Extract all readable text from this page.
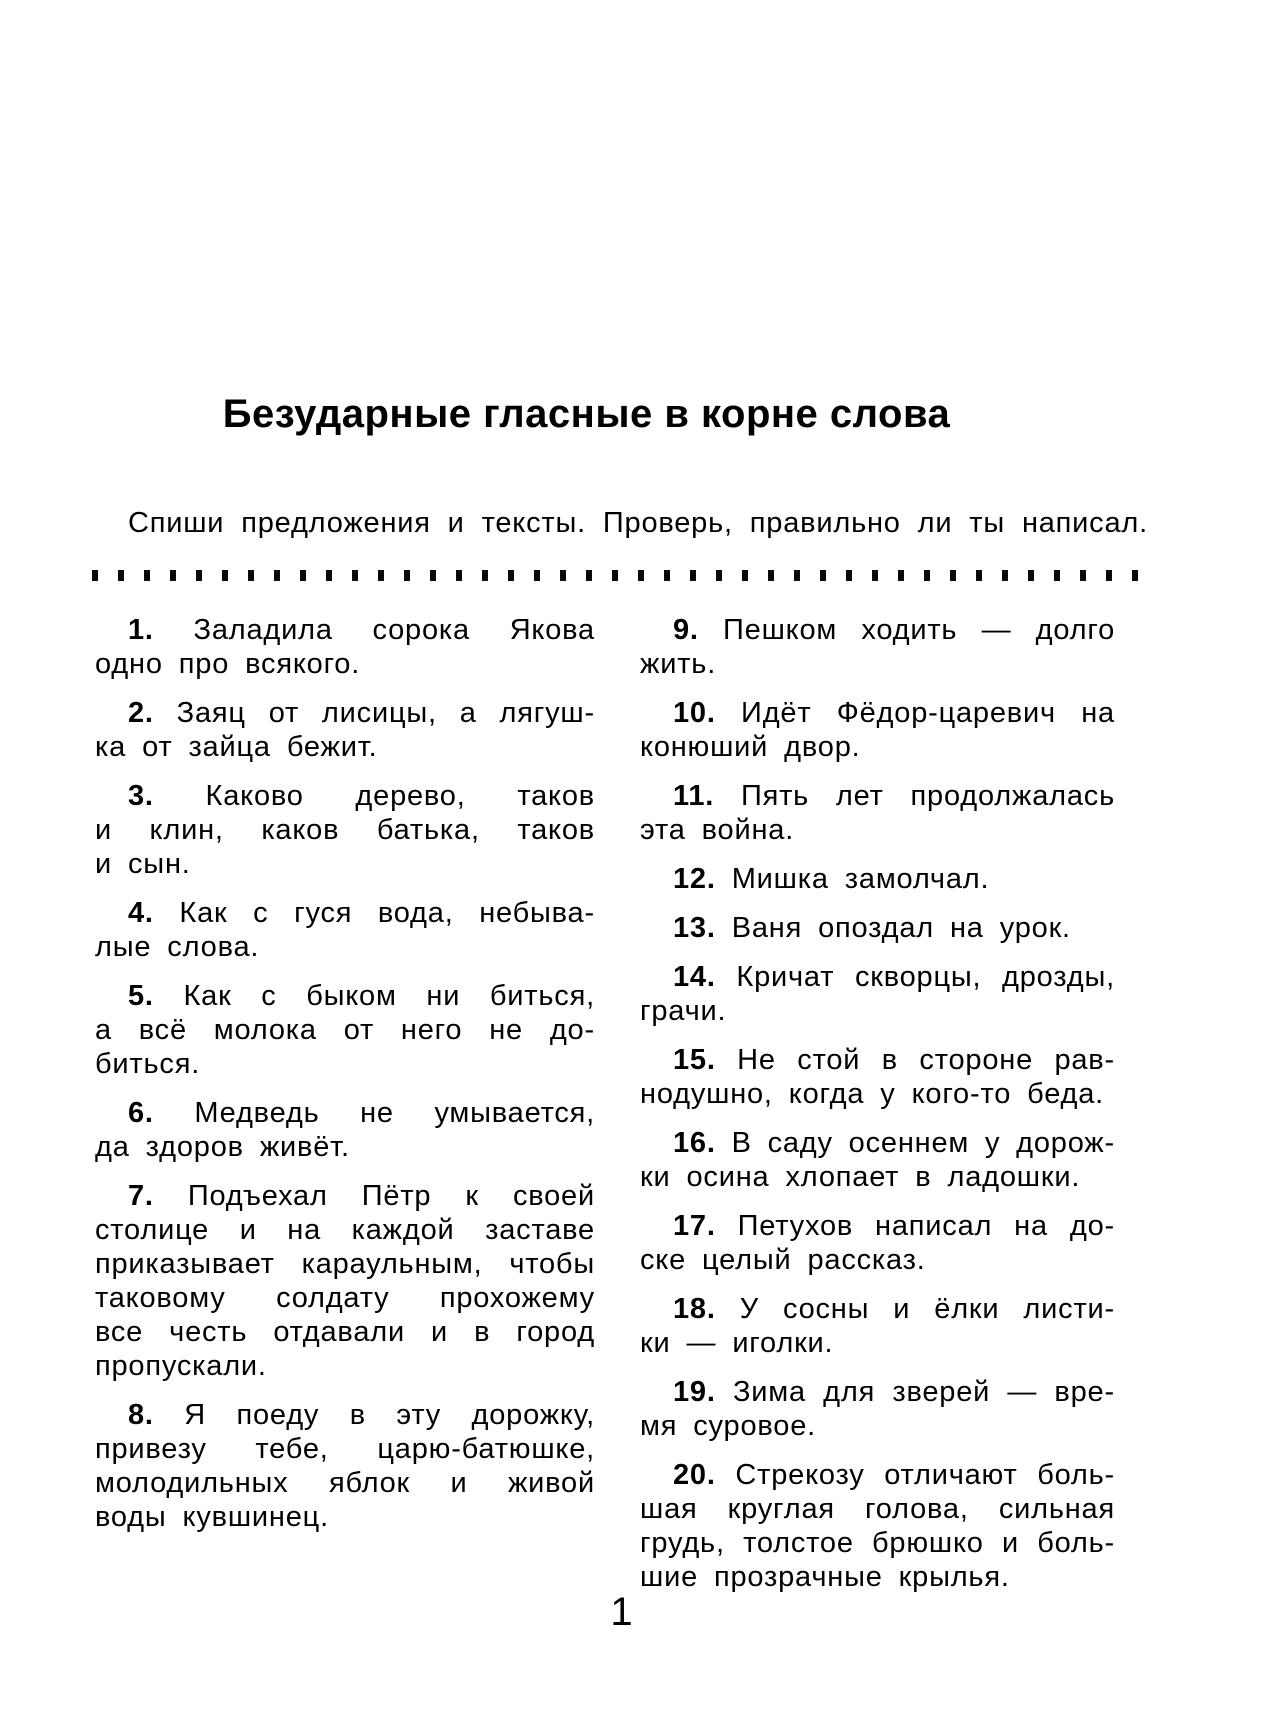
Безударные гласные в корне слова
Спиши предложения и тексты. Проверь, правильно ли ты написал.
1. Заладила сорока Якова
одно про всякого.
2. Заяц от лисицы, а лягуш-
ка от зайца бежит.
3. Каково дерево, таков
и клин, каков батька, таков
и сын.
4. Как с гуся вода, небыва-
лые слова.
5. Как с быком ни биться,
а всё молока от него не до-
биться.
6. Медведь не умывается,
да здоров живёт.
7. Подъехал Пётр к своей
столице и на каждой заставе
приказывает караульным, чтобы
таковому солдату прохожему
все честь отдавали и в город
пропускали.
8. Я поеду в эту дорожку,
привезу тебе, царю-батюшке,
молодильных яблок и живой
воды кувшинец.
9. Пешком ходить — долго
жить.
10. Идёт Фёдор-царевич на
конюший двор.
11. Пять лет продолжалась
эта война.
12. Мишка замолчал.
13. Ваня опоздал на урок.
14. Кричат скворцы, дрозды,
грачи.
15. Не стой в стороне рав-
нодушно, когда у кого-то беда.
16. В саду осеннем у дорож-
ки осина хлопает в ладошки.
17. Петухов написал на до-
ске целый рассказ.
18. У сосны и ёлки листи-
ки — иголки.
19. Зима для зверей — вре-
мя суровое.
20. Стрекозу отличают боль-
шая круглая голова, сильная
грудь, толстое брюшко и боль-
шие прозрачные крылья.
1
